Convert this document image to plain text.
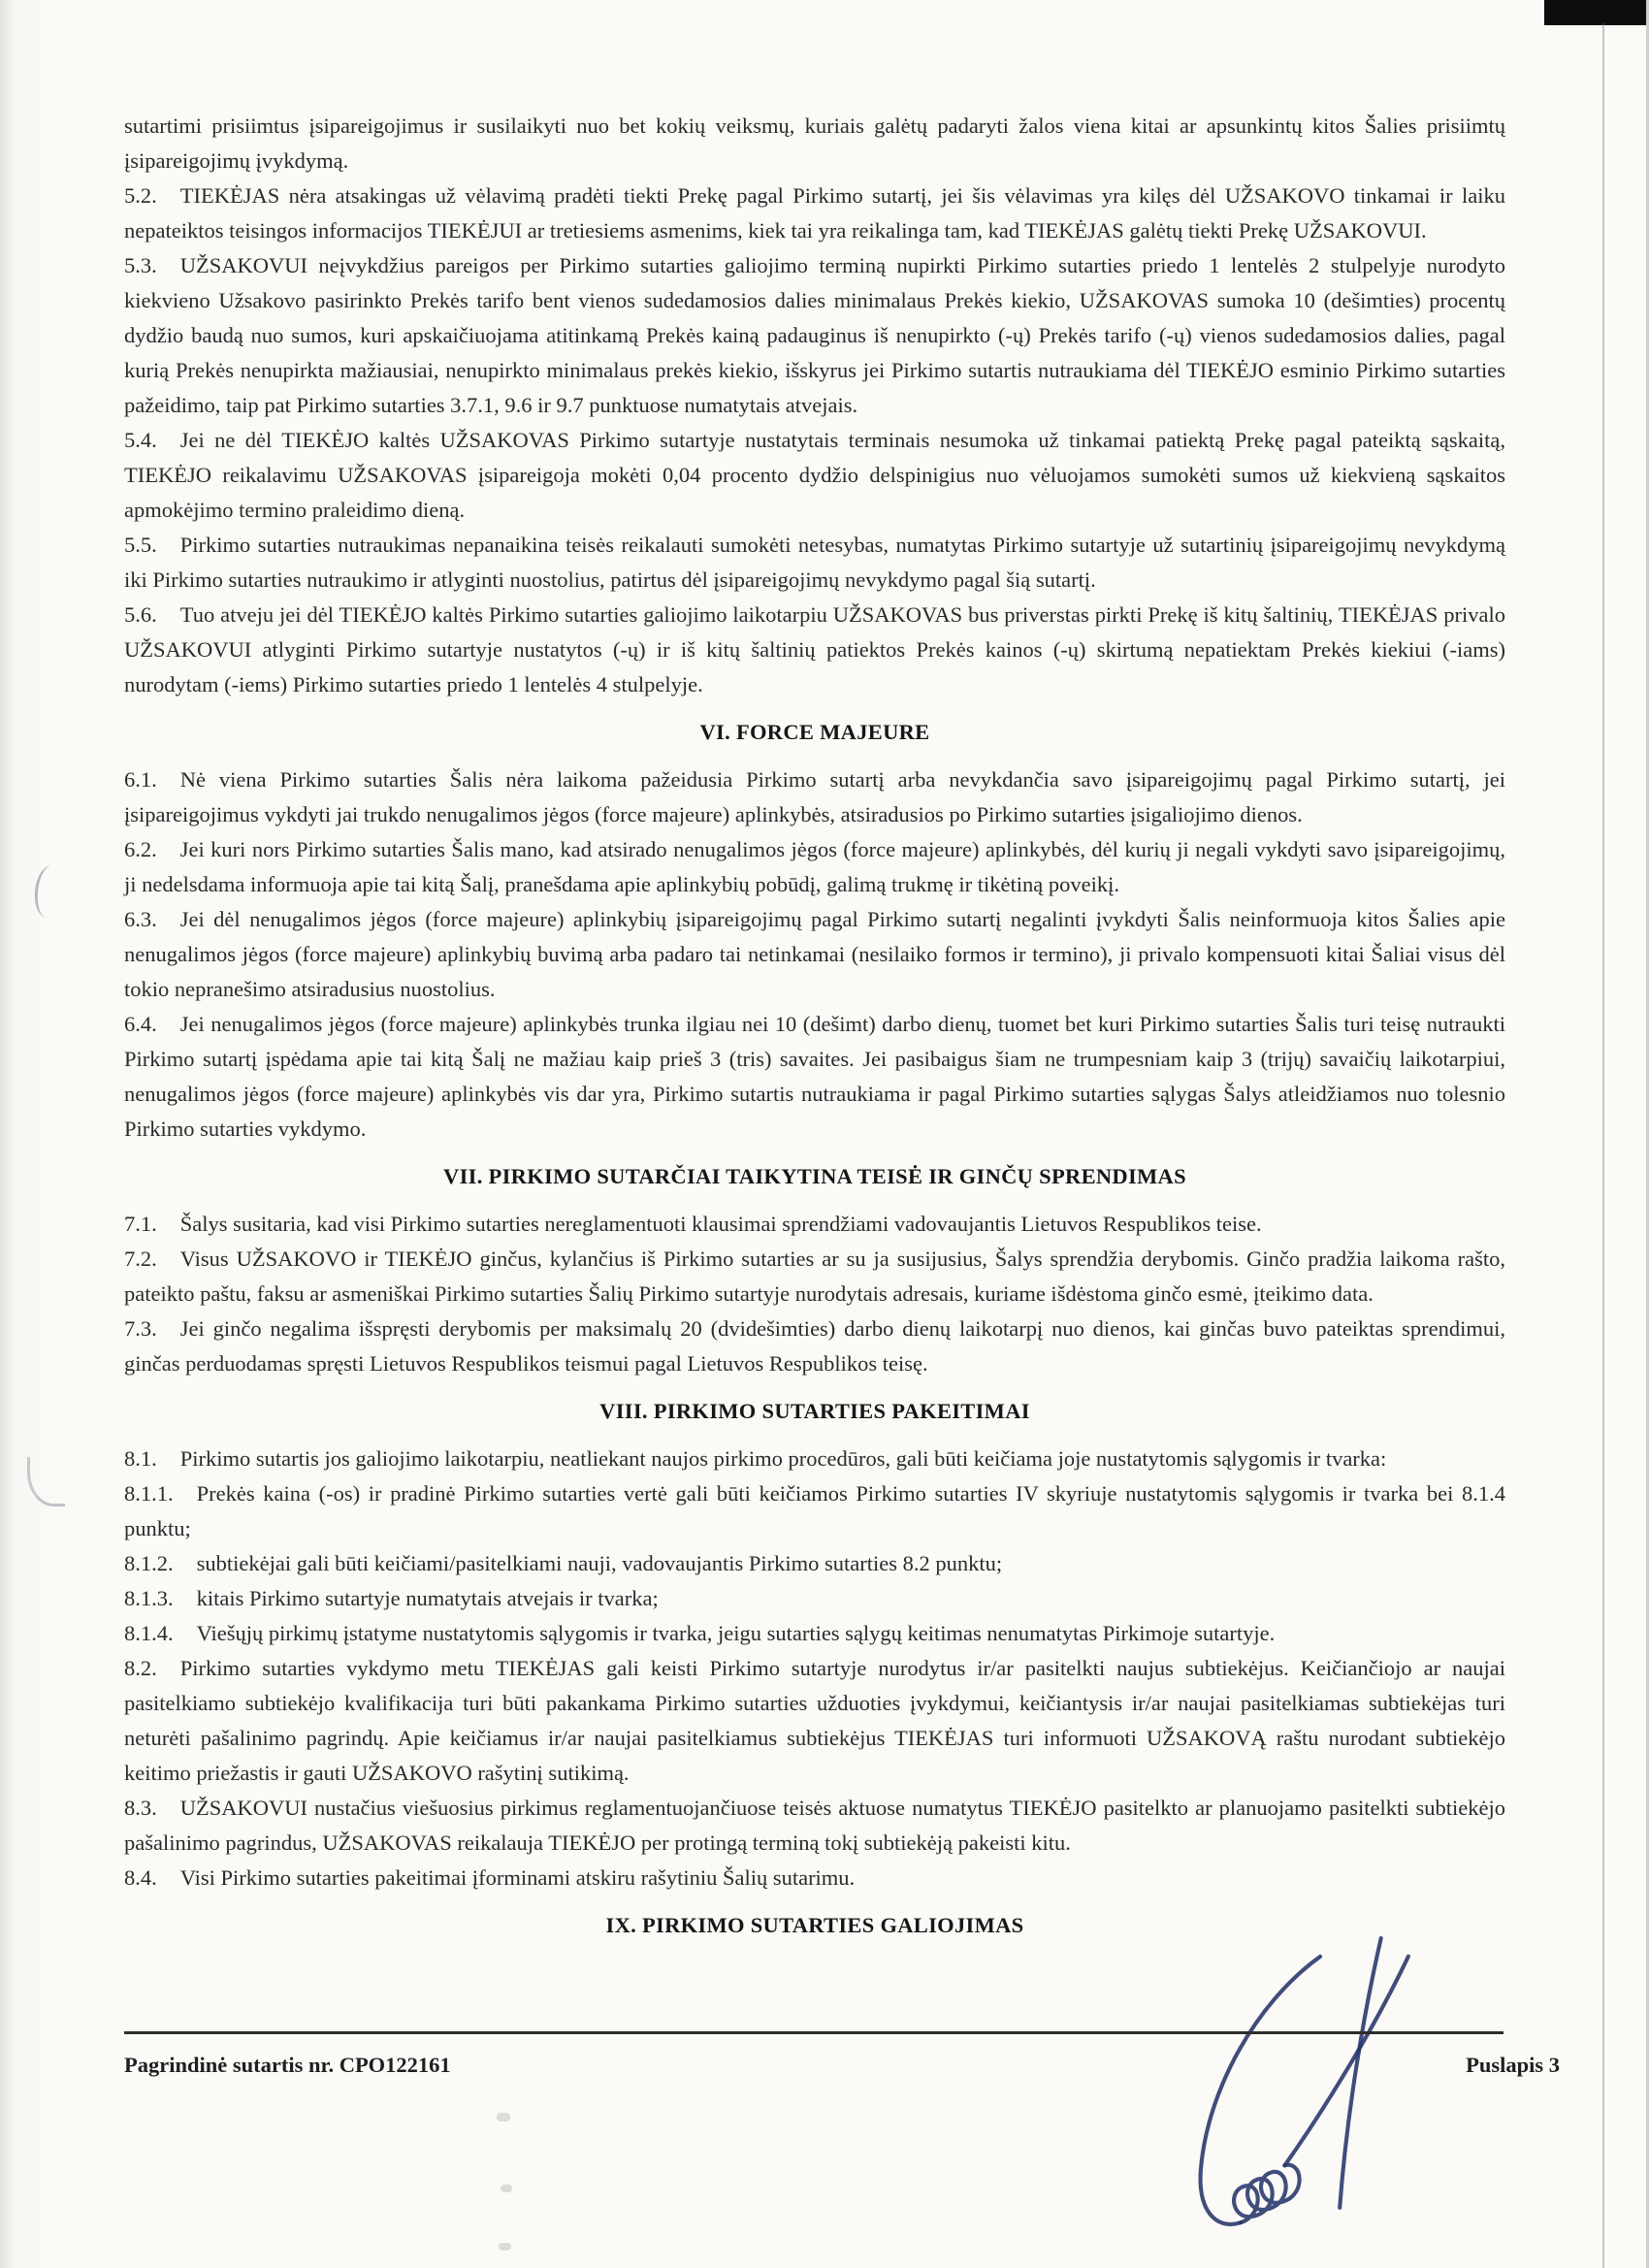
sutartimi prisiimtus įsipareigojimus ir susilaikyti nuo bet kokių veiksmų, kuriais galėtų padaryti žalos viena kitai ar apsunkintų kitos Šalies prisiimtų įsipareigojimų įvykdymą.

5.2. TIEKĖJAS nėra atsakingas už vėlavimą pradėti tiekti Prekę pagal Pirkimo sutartį, jei šis vėlavimas yra kilęs dėl UŽSAKOVO tinkamai ir laiku nepateiktos teisingos informacijos TIEKĖJUI ar tretiesiems asmenims, kiek tai yra reikalinga tam, kad TIEKĖJAS galėtų tiekti Prekę UŽSAKOVUI.

5.3. UŽSAKOVUI neįvykdžius pareigos per Pirkimo sutarties galiojimo terminą nupirkti Pirkimo sutarties priedo 1 lentelės 2 stulpelyje nurodyto kiekvieno Užsakovo pasirinkto Prekės tarifo bent vienos sudedamosios dalies minimalaus Prekės kiekio, UŽSAKOVAS sumoka 10 (dešimties) procentų dydžio baudą nuo sumos, kuri apskaičiuojama atitinkamą Prekės kainą padauginus iš nenupirkto (-ų) Prekės tarifo (-ų) vienos sudedamosios dalies, pagal kurią Prekės nenupirkta mažiausiai, nenupirkto minimalaus prekės kiekio, išskyrus jei Pirkimo sutartis nutraukiama dėl TIEKĖJO esminio Pirkimo sutarties pažeidimo, taip pat Pirkimo sutarties 3.7.1, 9.6 ir 9.7 punktuose numatytais atvejais.

5.4. Jei ne dėl TIEKĖJO kaltės UŽSAKOVAS Pirkimo sutartyje nustatytais terminais nesumoka už tinkamai patiektą Prekę pagal pateiktą sąskaitą, TIEKĖJO reikalavimu UŽSAKOVAS įsipareigoja mokėti 0,04 procento dydžio delspinigius nuo vėluojamos sumokėti sumos už kiekvieną sąskaitos apmokėjimo termino praleidimo dieną.

5.5. Pirkimo sutarties nutraukimas nepanaikina teisės reikalauti sumokėti netesybas, numatytas Pirkimo sutartyje už sutartinių įsipareigojimų nevykdymą iki Pirkimo sutarties nutraukimo ir atlyginti nuostolius, patirtus dėl įsipareigojimų nevykdymo pagal šią sutartį.

5.6. Tuo atveju jei dėl TIEKĖJO kaltės Pirkimo sutarties galiojimo laikotarpiu UŽSAKOVAS bus priverstas pirkti Prekę iš kitų šaltinių, TIEKĖJAS privalo UŽSAKOVUI atlyginti Pirkimo sutartyje nustatytos (-ų) ir iš kitų šaltinių patiektos Prekės kainos (-ų) skirtumą nepatiektam Prekės kiekiui (-iams) nurodytam (-iems) Pirkimo sutarties priedo 1 lentelės 4 stulpelyje.

VI. FORCE MAJEURE

6.1. Nė viena Pirkimo sutarties Šalis nėra laikoma pažeidusia Pirkimo sutartį arba nevykdančia savo įsipareigojimų pagal Pirkimo sutartį, jei įsipareigojimus vykdyti jai trukdo nenugalimos jėgos (force majeure) aplinkybės, atsiradusios po Pirkimo sutarties įsigaliojimo dienos.

6.2. Jei kuri nors Pirkimo sutarties Šalis mano, kad atsirado nenugalimos jėgos (force majeure) aplinkybės, dėl kurių ji negali vykdyti savo įsipareigojimų, ji nedelsdama informuoja apie tai kitą Šalį, pranešdama apie aplinkybių pobūdį, galimą trukmę ir tikėtiną poveikį.

6.3. Jei dėl nenugalimos jėgos (force majeure) aplinkybių įsipareigojimų pagal Pirkimo sutartį negalinti įvykdyti Šalis neinformuoja kitos Šalies apie nenugalimos jėgos (force majeure) aplinkybių buvimą arba padaro tai netinkamai (nesilaiko formos ir termino), ji privalo kompensuoti kitai Šaliai visus dėl tokio nepranešimo atsiradusius nuostolius.

6.4. Jei nenugalimos jėgos (force majeure) aplinkybės trunka ilgiau nei 10 (dešimt) darbo dienų, tuomet bet kuri Pirkimo sutarties Šalis turi teisę nutraukti Pirkimo sutartį įspėdama apie tai kitą Šalį ne mažiau kaip prieš 3 (tris) savaites. Jei pasibaigus šiam ne trumpesniam kaip 3 (trijų) savaičių laikotarpiui, nenugalimos jėgos (force majeure) aplinkybės vis dar yra, Pirkimo sutartis nutraukiama ir pagal Pirkimo sutarties sąlygas Šalys atleidžiamos nuo tolesnio Pirkimo sutarties vykdymo.

VII. PIRKIMO SUTARČIAI TAIKYTINA TEISĖ IR GINČŲ SPRENDIMAS

7.1. Šalys susitaria, kad visi Pirkimo sutarties nereglamentuoti klausimai sprendžiami vadovaujantis Lietuvos Respublikos teise.

7.2. Visus UŽSAKOVO ir TIEKĖJO ginčus, kylančius iš Pirkimo sutarties ar su ja susijusius, Šalys sprendžia derybomis. Ginčo pradžia laikoma rašto, pateikto paštu, faksu ar asmeniškai Pirkimo sutarties Šalių Pirkimo sutartyje nurodytais adresais, kuriame išdėstoma ginčo esmė, įteikimo data.

7.3. Jei ginčo negalima išspręsti derybomis per maksimalų 20 (dvidešimties) darbo dienų laikotarpį nuo dienos, kai ginčas buvo pateiktas sprendimui, ginčas perduodamas spręsti Lietuvos Respublikos teismui pagal Lietuvos Respublikos teisę.

VIII. PIRKIMO SUTARTIES PAKEITIMAI

8.1. Pirkimo sutartis jos galiojimo laikotarpiu, neatliekant naujos pirkimo procedūros, gali būti keičiama joje nustatytomis sąlygomis ir tvarka:

8.1.1. Prekės kaina (-os) ir pradinė Pirkimo sutarties vertė gali būti keičiamos Pirkimo sutarties IV skyriuje nustatytomis sąlygomis ir tvarka bei 8.1.4 punktu;

8.1.2. subtiekėjai gali būti keičiami/pasitelkiami nauji, vadovaujantis Pirkimo sutarties 8.2 punktu;

8.1.3. kitais Pirkimo sutartyje numatytais atvejais ir tvarka;

8.1.4. Viešųjų pirkimų įstatyme nustatytomis sąlygomis ir tvarka, jeigu sutarties sąlygų keitimas nenumatytas Pirkimoje sutartyje.

8.2. Pirkimo sutarties vykdymo metu TIEKĖJAS gali keisti Pirkimo sutartyje nurodytus ir/ar pasitelkti naujus subtiekėjus. Keičiančiojo ar naujai pasitelkiamo subtiekėjo kvalifikacija turi būti pakankama Pirkimo sutarties užduoties įvykdymui, keičiantysis ir/ar naujai pasitelkiamas subtiekėjas turi neturėti pašalinimo pagrindų. Apie keičiamus ir/ar naujai pasitelkiamus subtiekėjus TIEKĖJAS turi informuoti UŽSAKOVĄ raštu nurodant subtiekėjo keitimo priežastis ir gauti UŽSAKOVO rašytinį sutikimą.

8.3. UŽSAKOVUI nustačius viešuosius pirkimus reglamentuojančiuose teisės aktuose numatytus TIEKĖJO pasitelkto ar planuojamo pasitelkti subtiekėjo pašalinimo pagrindus, UŽSAKOVAS reikalauja TIEKĖJO per protingą terminą tokį subtiekėją pakeisti kitu.

8.4. Visi Pirkimo sutarties pakeitimai įforminami atskiru rašytiniu Šalių sutarimu.

IX. PIRKIMO SUTARTIES GALIOJIMAS
Pagrindinė sutartis nr. CPO122161	Puslapis 3
